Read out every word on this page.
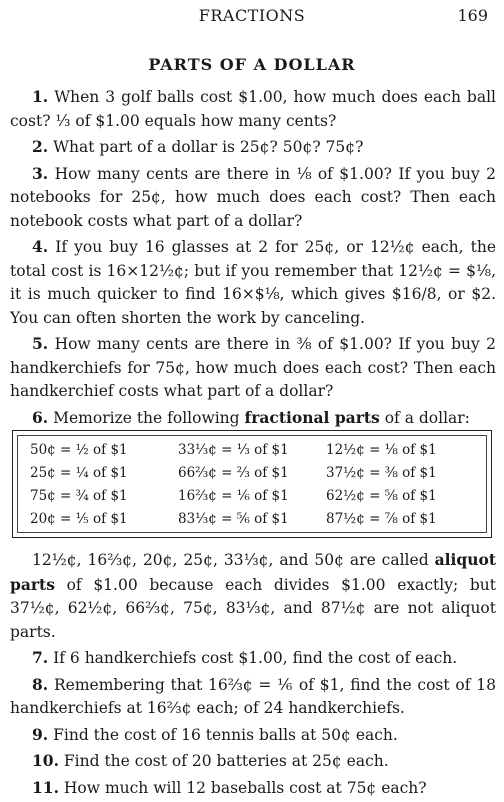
FRACTIONS	169
PARTS OF A DOLLAR

1. When 3 golf balls cost $1.00, how much does each ball cost? ⅓ of $1.00 equals how many cents?

2. What part of a dollar is 25¢? 50¢? 75¢?

3. How many cents are there in ⅛ of $1.00? If you buy 2 notebooks for 25¢, how much does each cost? Then each notebook costs what part of a dollar?

4. If you buy 16 glasses at 2 for 25¢, or 12½¢ each, the total cost is 16×12½¢; but if you remember that 12½¢ = $⅛, it is much quicker to find 16×$⅛, which gives $16/8, or $2. You can often shorten the work by canceling.

5. How many cents are there in ⅜ of $1.00? If you buy 2 handkerchiefs for 75¢, how much does each cost? Then each handkerchief costs what part of a dollar?

6. Memorize the following fractional parts of a dollar:

50¢ = ½ of $1	33⅓¢ = ⅓ of $1	12½¢ = ⅛ of $1
25¢ = ¼ of $1	66⅔¢ = ⅔ of $1	37½¢ = ⅜ of $1
75¢ = ¾ of $1	16⅔¢ = ⅙ of $1	62½¢ = ⅝ of $1
20¢ = ⅕ of $1	83⅓¢ = ⅚ of $1	87½¢ = ⅞ of $1

12½¢, 16⅔¢, 20¢, 25¢, 33⅓¢, and 50¢ are called aliquot parts of $1.00 because each divides $1.00 exactly; but 37½¢, 62½¢, 66⅔¢, 75¢, 83⅓¢, and 87½¢ are not aliquot parts.

7. If 6 handkerchiefs cost $1.00, find the cost of each.

8. Remembering that 16⅔¢ = ⅙ of $1, find the cost of 18 handkerchiefs at 16⅔¢ each; of 24 handkerchiefs.

9. Find the cost of 16 tennis balls at 50¢ each.

10. Find the cost of 20 batteries at 25¢ each.

11. How much will 12 baseballs cost at 75¢ each?
